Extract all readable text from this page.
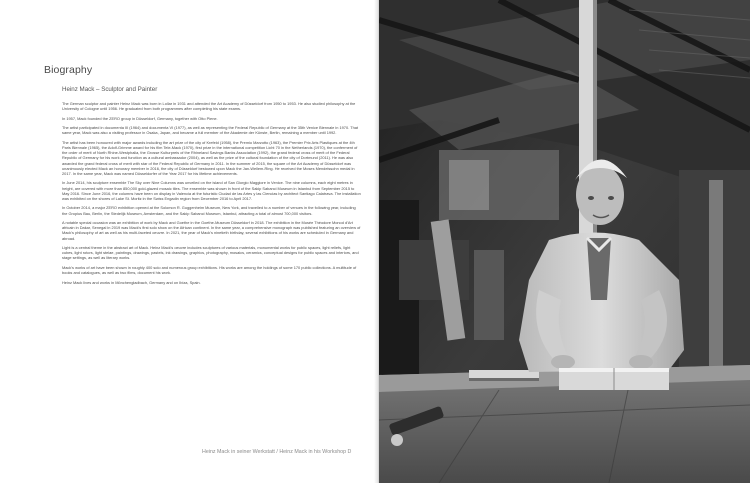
Biography
Heinz Mack – Sculptor and Painter

The German sculptor and painter Heinz Mack was born in Lollar in 1931 and attended the Art Academy of Düsseldorf from 1950 to 1953. He also studied philosophy at the University of Cologne until 1956. He graduated from both programmes after completing his state exams.

In 1957, Mack founded the ZERO group in Düsseldorf, Germany, together with Otto Piene.

The artist participated in documenta III (1964) and documenta VI (1977), as well as representing the Federal Republic of Germany at the 35th Venice Biennale in 1970. That same year, Mack was also a visiting professor in Osaka, Japan, and became a full member of the Akademie der Künste, Berlin, remaining a member until 1992.

The artist has been honoured with major awards including the art prize of the city of Krefeld (1958), the Premio Marzotto (1963), the Premier Prix Arts Plastiques at the 4th Paris Biennale (1965), the Adolf-Grimme award for his film Tele-Mack (1970), first prize in the international competition Licht 70 in the Netherlands (1970), the conferment of the order of merit of North Rhine-Westphalia, the Grosse Kulturpreis of the Rhineland Savings Banks Association (1992), the grand federal cross of merit of the Federal Republic of Germany for his work and function as a cultural ambassador (2004), as well as the prize of the cultural foundation of the city of Dortmund (2011). He was also awarded the grand federal cross of merit with star of the Federal Republic of Germany in 2011. In the summer of 2015, the square of the Art Academy of Düsseldorf was unanimously elected Mack an honorary member in 2016, the city of Düsseldorf bestowed upon Mack the Jan-Wellem-Ring. He received the Moses Mendelssohn medal in 2017. In the same year, Mack was named Düsseldorfer of the Year 2017 for his lifetime achievements.

In June 2014, his sculpture ensemble The Sky over Nine Columns was unveiled on the island of San Giorgio Maggiore in Venice. The nine columns, each eight metres in height, are covered with more than 850,000 gold-glazed mosaic tiles. The ensemble was shown in front of the Sakip Sabanci Museum in Istanbul from September 2015 to May 2016. Since June 2016, the columns have been on display in Valencia at the futuristic Ciudad de las Artes y las Ciencias by architect Santiago Calatrava. The installation was exhibited on the shores of Lake St. Moritz in the Swiss Engadin region from December 2016 to April 2017.

In October 2014, a major ZERO exhibition opened at the Solomon R. Guggenheim Museum, New York, and travelled to a number of venues in the following year, including the Gropius Bau, Berlin, the Stedelijk Museum, Amsterdam, and the Sakip Sabanci Museum, Istanbul, attracting a total of almost 700,000 visitors.

A notable special occasion was an exhibition of work by Mack and Goethe in the Goethe-Museum Düsseldorf in 2018. The exhibition in the Musée Théodore Monod d'Art africain in Dakar, Senegal in 2019 was Mack's first solo show on the African continent. In the same year, a comprehensive monograph was published featuring an overview of Mack's philosophy of art as well as his multi-faceted oeuvre. In 2021, the year of Mack's ninetieth birthday, several exhibitions of his works are scheduled in Germany and abroad.

Light is a central theme in the abstract art of Mack. Heinz Mack's oeuvre includes sculptures of various materials, monumental works for public spaces, light reliefs, light cubes, light rotors, light stelae, paintings, drawings, pastels, ink drawings, graphics, photography, mosaics, ceramics, conceptual designs for public spaces and interiors, and stage settings, as well as literary works.

Mack's works of art have been shown in roughly 400 solo and numerous group exhibitions. His works are among the holdings of some 170 public collections. A multitude of books and catalogues, as well as two films, document his work.

Heinz Mack lives and works in Mönchengladbach, Germany and on Ibiza, Spain.

Heinz Mack in seiner Werkstatt / Heinz Mack in his Workshop D
